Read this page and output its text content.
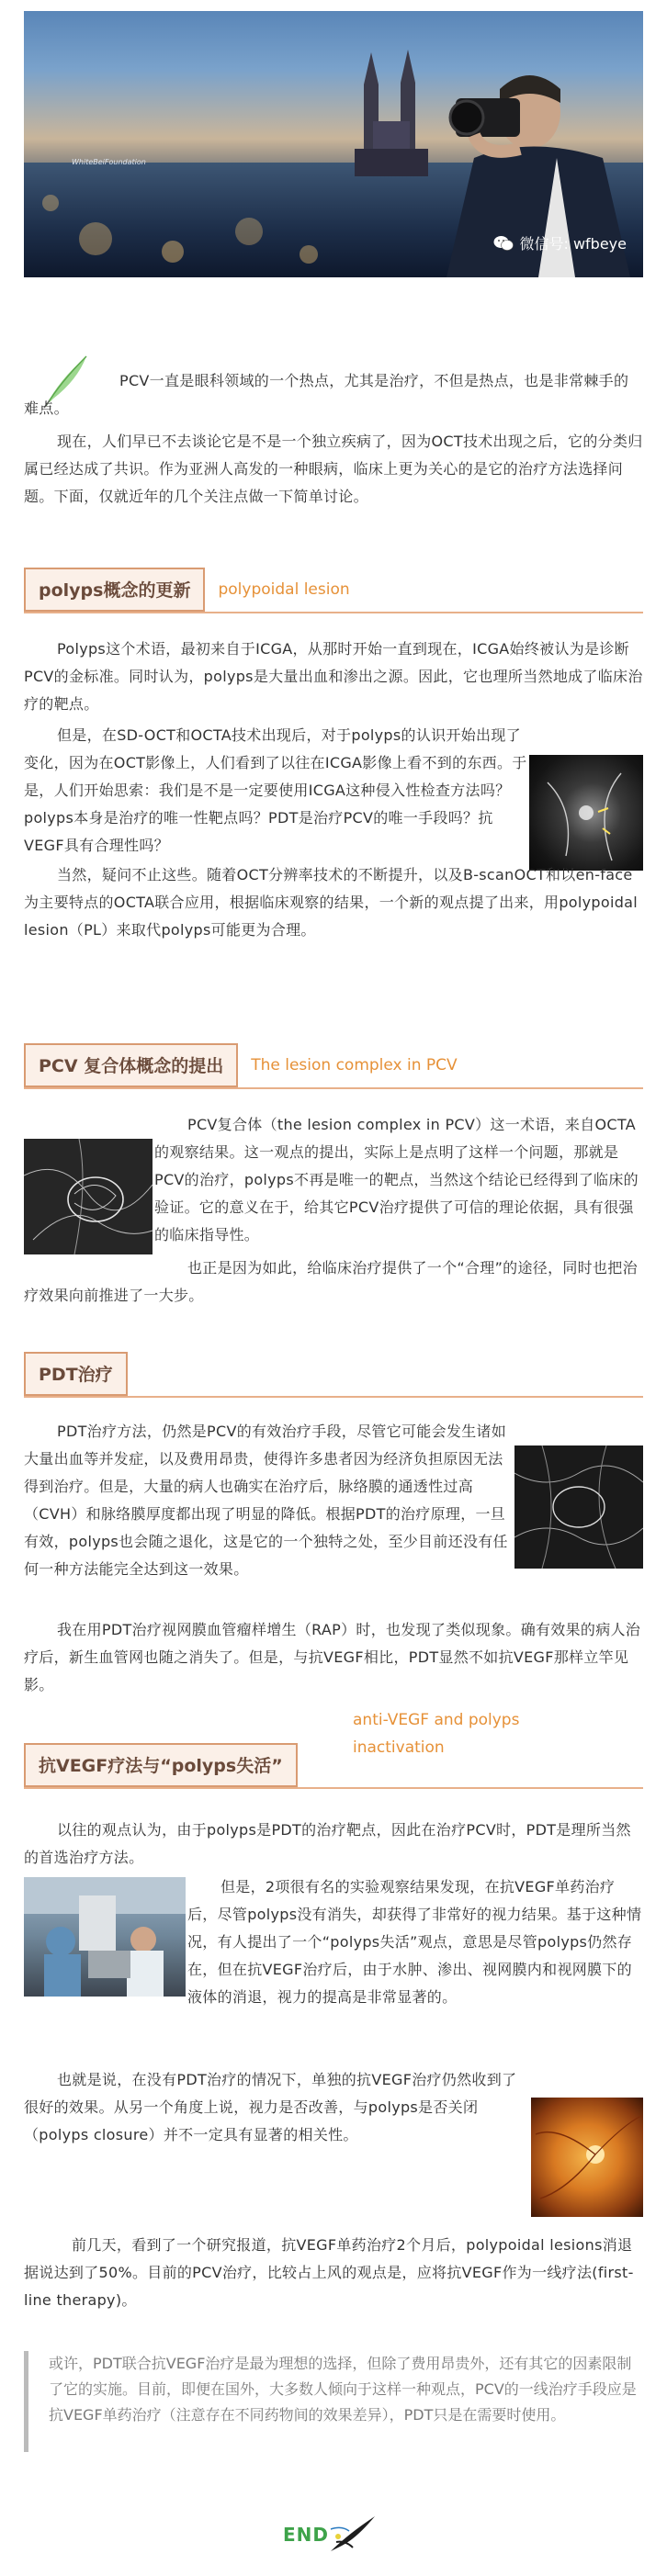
WhiteBeiFoundation
微信号: wfbeye

PCV一直是眼科领域的一个热点，尤其是治疗，不但是热点，也是非常棘手的难点。

现在，人们早已不去谈论它是不是一个独立疾病了，因为OCT技术出现之后，它的分类归属已经达成了共识。作为亚洲人高发的一种眼病，临床上更为关心的是它的治疗方法选择问题。下面，仅就近年的几个关注点做一下简单讨论。

polyps概念的更新	polypoidal lesion

Polyps这个术语，最初来自于ICGA，从那时开始一直到现在，ICGA始终被认为是诊断PCV的金标准。同时认为，polyps是大量出血和渗出之源。因此，它也理所当然地成了临床治疗的靶点。

但是，在SD-OCT和OCTA技术出现后，对于polyps的认识开始出现了变化，因为在OCT影像上，人们看到了以往在ICGA影像上看不到的东西。于是，人们开始思索：我们是不是一定要使用ICGA这种侵入性检查方法吗？polyps本身是治疗的唯一性靶点吗？PDT是治疗PCV的唯一手段吗？抗VEGF具有合理性吗？

当然，疑问不止这些。随着OCT分辨率技术的不断提升，以及B-scanOCT和以en-face为主要特点的OCTA联合应用，根据临床观察的结果，一个新的观点提了出来，用polypoidal lesion（PL）来取代polyps可能更为合理。

PCV 复合体概念的提出	The lesion complex in PCV

PCV复合体（the lesion complex in PCV）这一术语，来自OCTA的观察结果。这一观点的提出，实际上是点明了这样一个问题，那就是PCV的治疗，polyps不再是唯一的靶点，当然这个结论已经得到了临床的验证。它的意义在于，给其它PCV治疗提供了可信的理论依据，具有很强的临床指导性。

也正是因为如此，给临床治疗提供了一个“合理”的途径，同时也把治疗效果向前推进了一大步。

PDT治疗

PDT治疗方法，仍然是PCV的有效治疗手段，尽管它可能会发生诸如大量出血等并发症，以及费用昂贵，使得许多患者因为经济负担原因无法得到治疗。但是，大量的病人也确实在治疗后，脉络膜的通透性过高（CVH）和脉络膜厚度都出现了明显的降低。根据PDT的治疗原理，一旦有效，polyps也会随之退化，这是它的一个独特之处，至少目前还没有任何一种方法能完全达到这一效果。

我在用PDT治疗视网膜血管瘤样增生（RAP）时，也发现了类似现象。确有效果的病人治疗后，新生血管网也随之消失了。但是，与抗VEGF相比，PDT显然不如抗VEGF那样立竿见影。

抗VEGF疗法与“polyps失活”
anti-VEGF and polyps
inactivation

以往的观点认为，由于polyps是PDT的治疗靶点，因此在治疗PCV时，PDT是理所当然的首选治疗方法。

但是，2项很有名的实验观察结果发现，在抗VEGF单药治疗后，尽管polyps没有消失，却获得了非常好的视力结果。基于这种情况，有人提出了一个“polyps失活”观点，意思是尽管polyps仍然存在，但在抗VEGF治疗后，由于水肿、渗出、视网膜内和视网膜下的液体的消退，视力的提高是非常显著的。

也就是说，在没有PDT治疗的情况下，单独的抗VEGF治疗仍然收到了很好的效果。从另一个角度上说，视力是否改善，与polyps是否关闭（polyps closure）并不一定具有显著的相关性。

前几天，看到了一个研究报道，抗VEGF单药治疗2个月后，polypoidal lesions消退据说达到了50%。目前的PCV治疗，比较占上风的观点是，应将抗VEGF作为一线疗法(first-line therapy)。

或许，PDT联合抗VEGF治疗是最为理想的选择，但除了费用昂贵外，还有其它的因素限制了它的实施。目前，即便在国外，大多数人倾向于这样一种观点，PCV的一线治疗手段应是抗VEGF单药治疗（注意存在不同药物间的效果差异），PDT只是在需要时使用。

END
